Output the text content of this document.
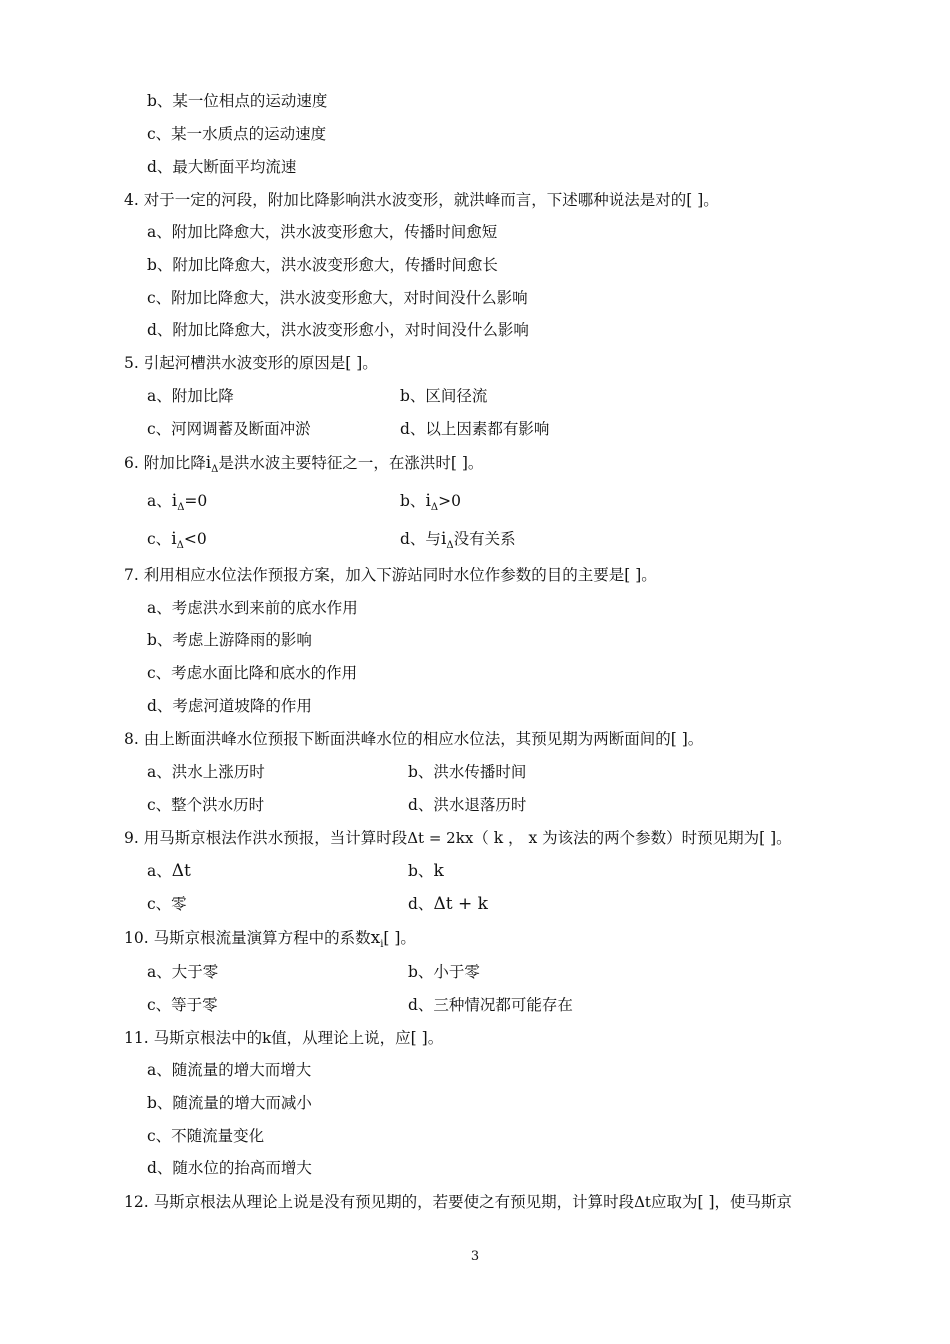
b、某一位相点的运动速度
c、某一水质点的运动速度
d、最大断面平均流速
4. 对于一定的河段，附加比降影响洪水波变形，就洪峰而言，下述哪种说法是对的[ ]。
a、附加比降愈大，洪水波变形愈大，传播时间愈短
b、附加比降愈大，洪水波变形愈大，传播时间愈长
c、附加比降愈大，洪水波变形愈大，对时间没什么影响
d、附加比降愈大，洪水波变形愈小，对时间没什么影响
5. 引起河槽洪水波变形的原因是[ ]。
a、附加比降	b、区间径流
c、河网调蓄及断面冲淤	d、以上因素都有影响
6. 附加比降$i_\Delta$是洪水波主要特征之一，在涨洪时[ ]。
a、$i_\Delta=0$	b、$i_\Delta>0$
c、$i_\Delta<0$	d、与$i_\Delta$没有关系
7. 利用相应水位法作预报方案，加入下游站同时水位作参数的目的主要是[ ]。
a、考虑洪水到来前的底水作用
b、考虑上游降雨的影响
c、考虑水面比降和底水的作用
d、考虑河道坡降的作用
8. 由上断面洪峰水位预报下断面洪峰水位的相应水位法，其预见期为两断面间的[ ]。
a、洪水上涨历时	b、洪水传播时间
c、整个洪水历时	d、洪水退落历时
9. 用马斯京根法作洪水预报，当计算时段Δt = 2kx（ k ， x 为该法的两个参数）时预见期为[ ]。
a、Δt	b、k
c、零	d、Δt + k
10. 马斯京根流量演算方程中的系数$x_i$[ ]。
a、大于零	b、小于零
c、等于零	d、三种情况都可能存在
11. 马斯京根法中的k值，从理论上说，应[ ]。
a、随流量的增大而增大
b、随流量的增大而减小
c、不随流量变化
d、随水位的抬高而增大
12. 马斯京根法从理论上说是没有预见期的，若要使之有预见期，计算时段Δt应取为[ ]，使马斯京
3
